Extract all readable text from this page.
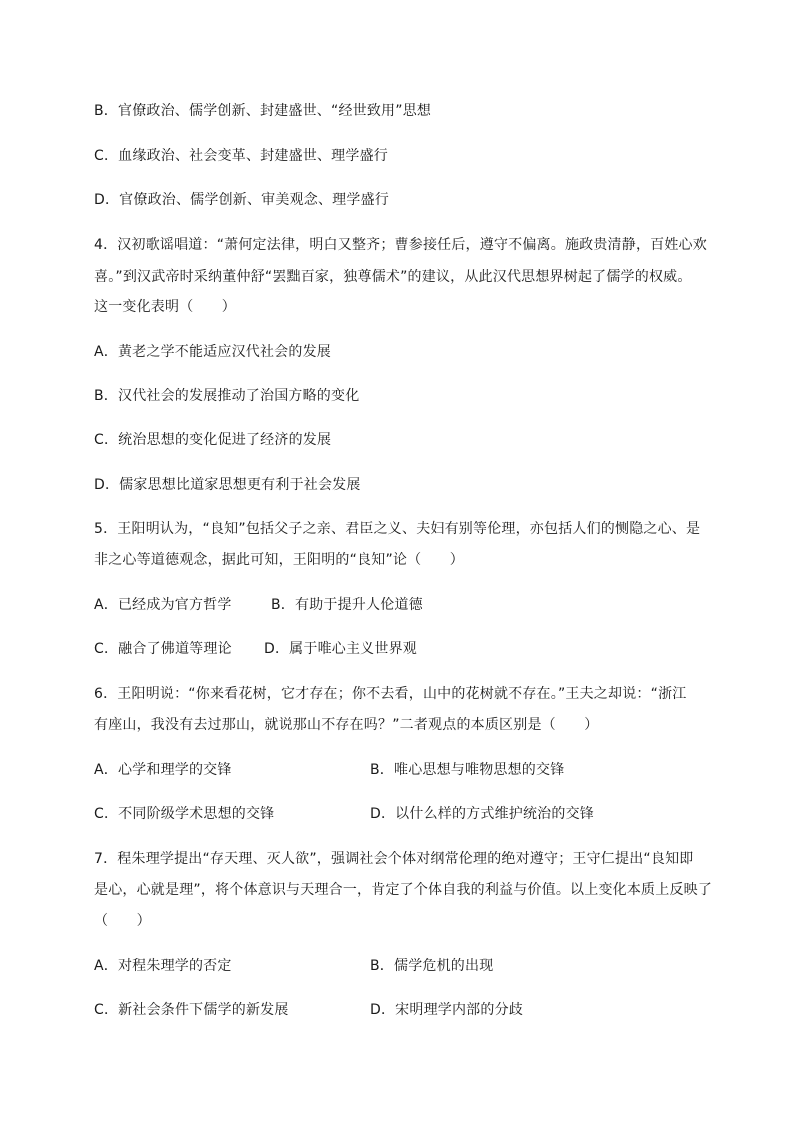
B．官僚政治、儒学创新、封建盛世、“经世致用”思想
C．血缘政治、社会变革、封建盛世、理学盛行
D．官僚政治、儒学创新、审美观念、理学盛行
4．汉初歌谣唱道：“萧何定法律，明白又整齐；曹参接任后，遵守不偏离。施政贵清静，百姓心欢
喜。”到汉武帝时采纳董仲舒“罢黜百家，独尊儒术”的建议，从此汉代思想界树起了儒学的权威。
这一变化表明（　　）
A．黄老之学不能适应汉代社会的发展
B．汉代社会的发展推动了治国方略的变化
C．统治思想的变化促进了经济的发展
D．儒家思想比道家思想更有利于社会发展
5．王阳明认为，“良知”包括父子之亲、君臣之义、夫妇有别等伦理，亦包括人们的恻隐之心、是
非之心等道德观念，据此可知，王阳明的“良知”论（　　）
A．已经成为官方哲学	B．有助于提升人伦道德
C．融合了佛道等理论 D．属于唯心主义世界观
6．王阳明说：“你来看花树，它才存在；你不去看，山中的花树就不存在。”王夫之却说：“浙江
有座山，我没有去过那山，就说那山不存在吗？”二者观点的本质区别是（　　）
A．心学和理学的交锋	B．唯心思想与唯物思想的交锋
C．不同阶级学术思想的交锋	D．以什么样的方式维护统治的交锋
7．程朱理学提出“存天理、灭人欲”，强调社会个体对纲常伦理的绝对遵守；王守仁提出“良知即
是心，心就是理”，将个体意识与天理合一，肯定了个体自我的利益与价值。以上变化本质上反映了
（　　）
A．对程朱理学的否定	B．儒学危机的出现
C．新社会条件下儒学的新发展	D．宋明理学内部的分歧
